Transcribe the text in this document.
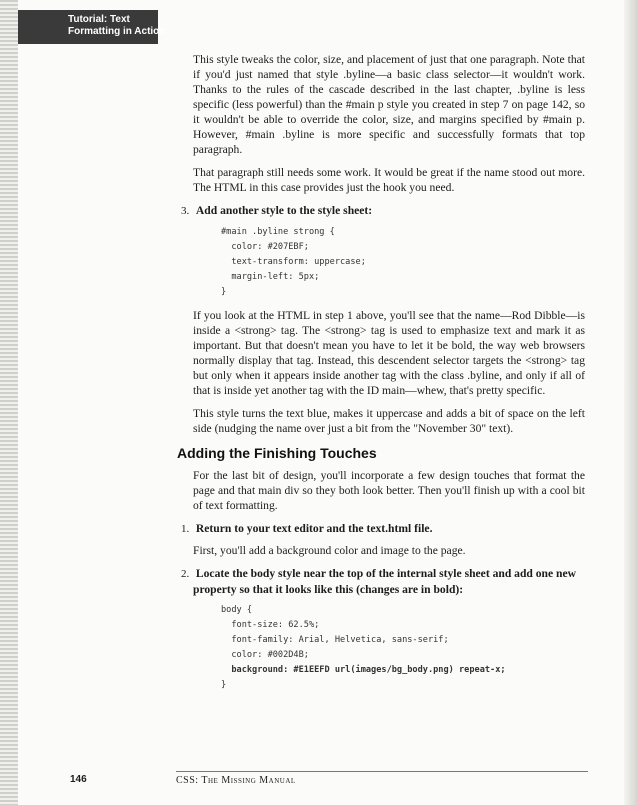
Tutorial: Text
Formatting in Action

This style tweaks the color, size, and placement of just that one paragraph. Note that if you'd just named that style .byline—a basic class selector—it wouldn't work. Thanks to the rules of the cascade described in the last chapter, .byline is less specific (less powerful) than the #main p style you created in step 7 on page 142, so it wouldn't be able to override the color, size, and margins specified by #main p. However, #main .byline is more specific and successfully formats that top paragraph.

That paragraph still needs some work. It would be great if the name stood out more. The HTML in this case provides just the hook you need.

3. Add another style to the style sheet:
#main .byline strong {
color: #207EBF;
text-transform: uppercase;
margin-left: 5px;
}

If you look at the HTML in step 1 above, you'll see that the name—Rod Dibble—is inside a <strong> tag. The <strong> tag is used to emphasize text and mark it as important. But that doesn't mean you have to let it be bold, the way web browsers normally display that tag. Instead, this descendent selector targets the <strong> tag but only when it appears inside another tag with the class .byline, and only if all of that is inside yet another tag with the ID main—whew, that's pretty specific.

This style turns the text blue, makes it uppercase and adds a bit of space on the left side (nudging the name over just a bit from the "November 30" text).

Adding the Finishing Touches

For the last bit of design, you'll incorporate a few design touches that format the page and that main div so they both look better. Then you'll finish up with a cool bit of text formatting.

1. Return to your text editor and the text.html file.

First, you'll add a background color and image to the page.

2. Locate the body style near the top of the internal style sheet and add one new property so that it looks like this (changes are in bold):
body {
font-size: 62.5%;
font-family: Arial, Helvetica, sans-serif;
color: #002D4B;
background: #E1EEFD url(images/bg_body.png) repeat-x;
}
146	CSS: The Missing Manual
